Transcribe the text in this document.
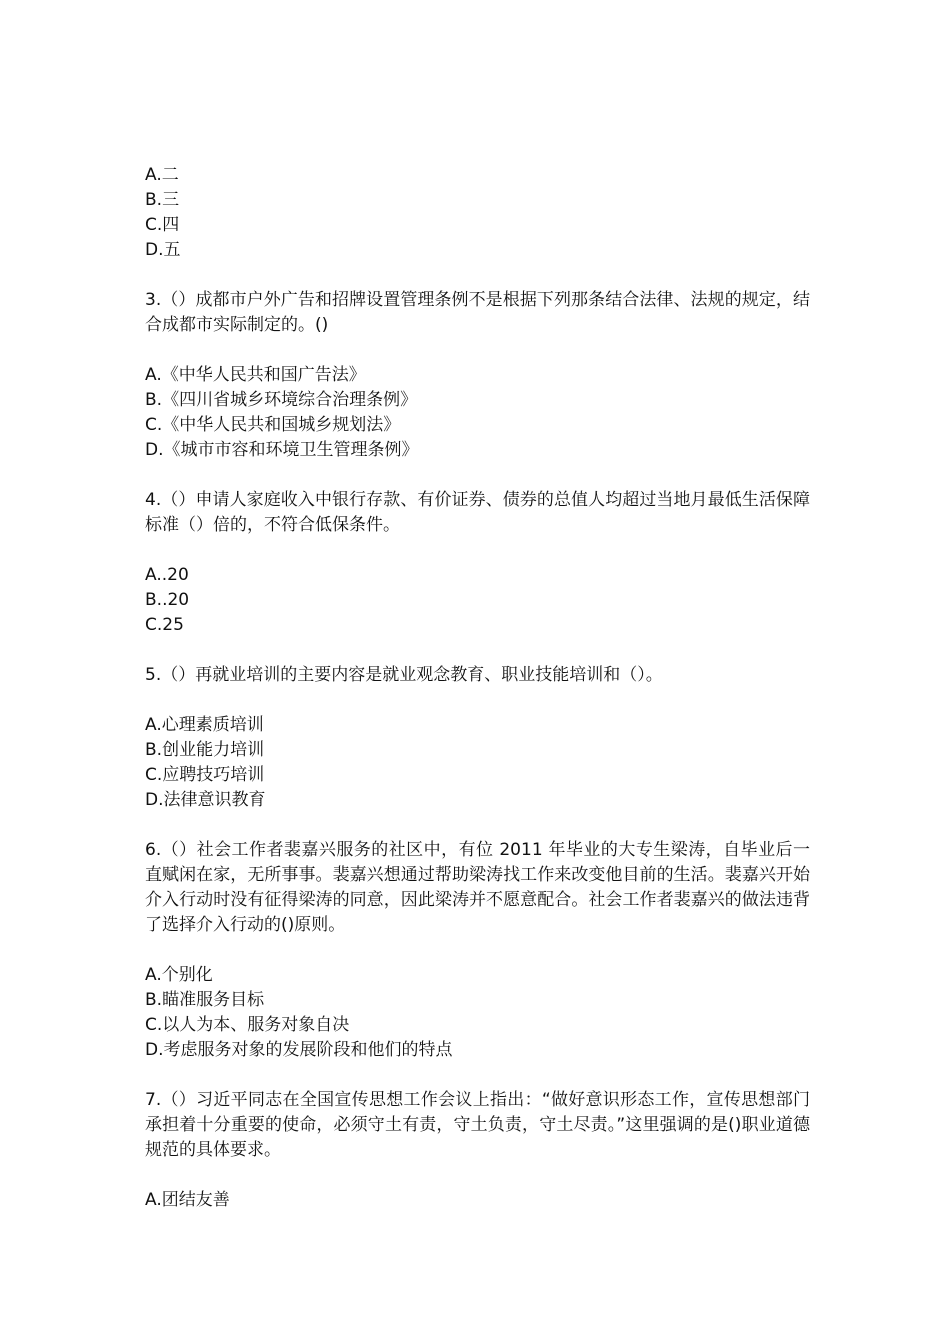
A.二
B.三
C.四
D.五

3.（）成都市户外广告和招牌设置管理条例不是根据下列那条结合法律、法规的规定，结合成都市实际制定的。()

A.《中华人民共和国广告法》
B.《四川省城乡环境综合治理条例》
C.《中华人民共和国城乡规划法》
D.《城市市容和环境卫生管理条例》

4.（）申请人家庭收入中银行存款、有价证券、债券的总值人均超过当地月最低生活保障标准（）倍的，不符合低保条件。

A..20
B..20
C.25

5.（）再就业培训的主要内容是就业观念教育、职业技能培训和（）。

A.心理素质培训
B.创业能力培训
C.应聘技巧培训
D.法律意识教育

6.（）社会工作者裴嘉兴服务的社区中，有位 2011 年毕业的大专生梁涛，自毕业后一直赋闲在家，无所事事。裴嘉兴想通过帮助梁涛找工作来改变他目前的生活。裴嘉兴开始介入行动时没有征得梁涛的同意，因此梁涛并不愿意配合。社会工作者裴嘉兴的做法违背了选择介入行动的()原则。

A.个别化
B.瞄准服务目标
C.以人为本、服务对象自决
D.考虑服务对象的发展阶段和他们的特点

7.（）习近平同志在全国宣传思想工作会议上指出：“做好意识形态工作，宣传思想部门承担着十分重要的使命，必须守土有责，守土负责，守土尽责。”这里强调的是()职业道德规范的具体要求。

A.团结友善
